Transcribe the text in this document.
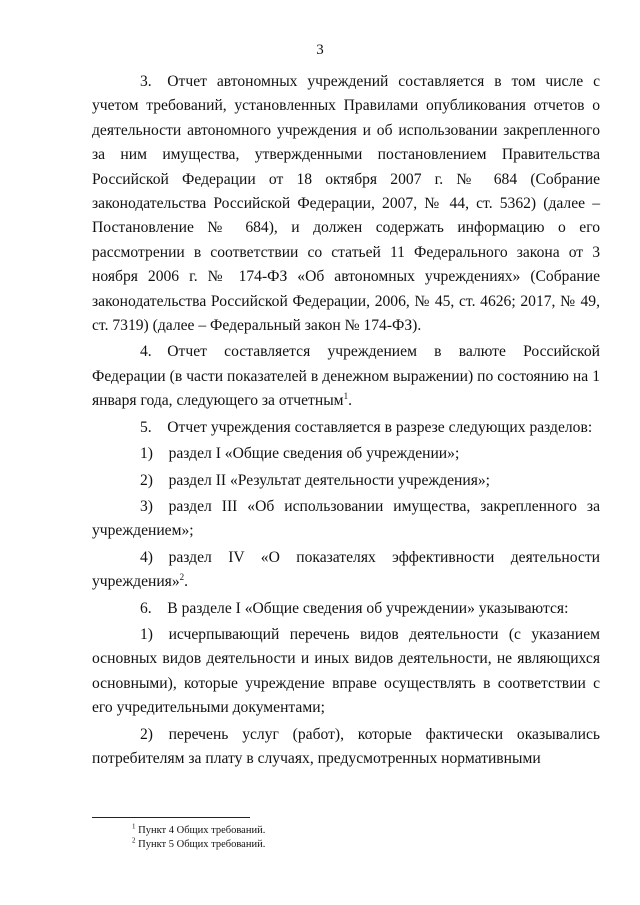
3

3. Отчет автономных учреждений составляется в том числе с учетом требований, установленных Правилами опубликования отчетов о деятельности автономного учреждения и об использовании закрепленного за ним имущества, утвержденными постановлением Правительства Российской Федерации от 18 октября 2007 г. № 684 (Собрание законодательства Российской Федерации, 2007, № 44, ст. 5362) (далее – Постановление № 684), и должен содержать информацию о его рассмотрении в соответствии со статьей 11 Федерального закона от 3 ноября 2006 г. № 174-ФЗ «Об автономных учреждениях» (Собрание законодательства Российской Федерации, 2006, № 45, ст. 4626; 2017, № 49, ст. 7319) (далее – Федеральный закон № 174-ФЗ).

4. Отчет составляется учреждением в валюте Российской Федерации (в части показателей в денежном выражении) по состоянию на 1 января года, следующего за отчетным$^1$.

5. Отчет учреждения составляется в разрезе следующих разделов:

1) раздел I «Общие сведения об учреждении»;

2) раздел II «Результат деятельности учреждения»;

3) раздел III «Об использовании имущества, закрепленного за учреждением»;

4) раздел IV «О показателях эффективности деятельности учреждения»$^2$.

6. В разделе I «Общие сведения об учреждении» указываются:

1) исчерпывающий перечень видов деятельности (с указанием основных видов деятельности и иных видов деятельности, не являющихся основными), которые учреждение вправе осуществлять в соответствии с его учредительными документами;

2) перечень услуг (работ), которые фактически оказывались потребителям за плату в случаях, предусмотренных нормативными

$^1$ Пункт 4 Общих требований.

$^2$ Пункт 5 Общих требований.
